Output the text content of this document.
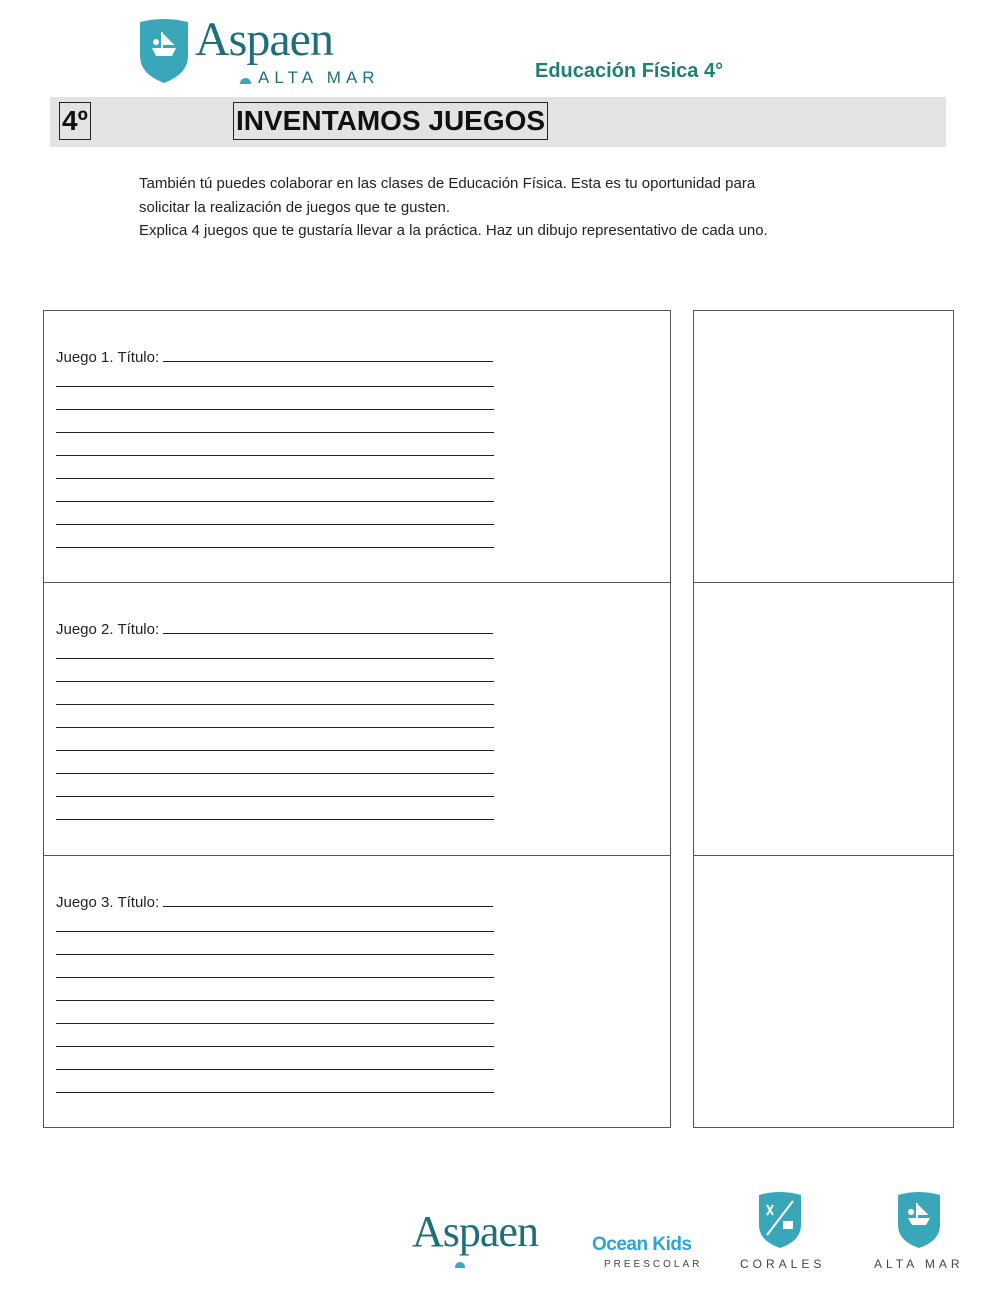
Aspaen
ALTA MAR	Educación Física 4°
4º	INVENTAMOS JUEGOS

También tú puedes colaborar en las clases de Educación Física. Esta es tu oportunidad para

solicitar la realización de juegos que te gusten.

Explica 4 juegos que te gustaría llevar a la práctica. Haz un dibujo representativo de cada uno.

Juego 1. Título:
Juego 2. Título:
Juego 3. Título:
Aspaen	Ocean Kids
PREESCOLAR	CORALES	ALTA MAR
